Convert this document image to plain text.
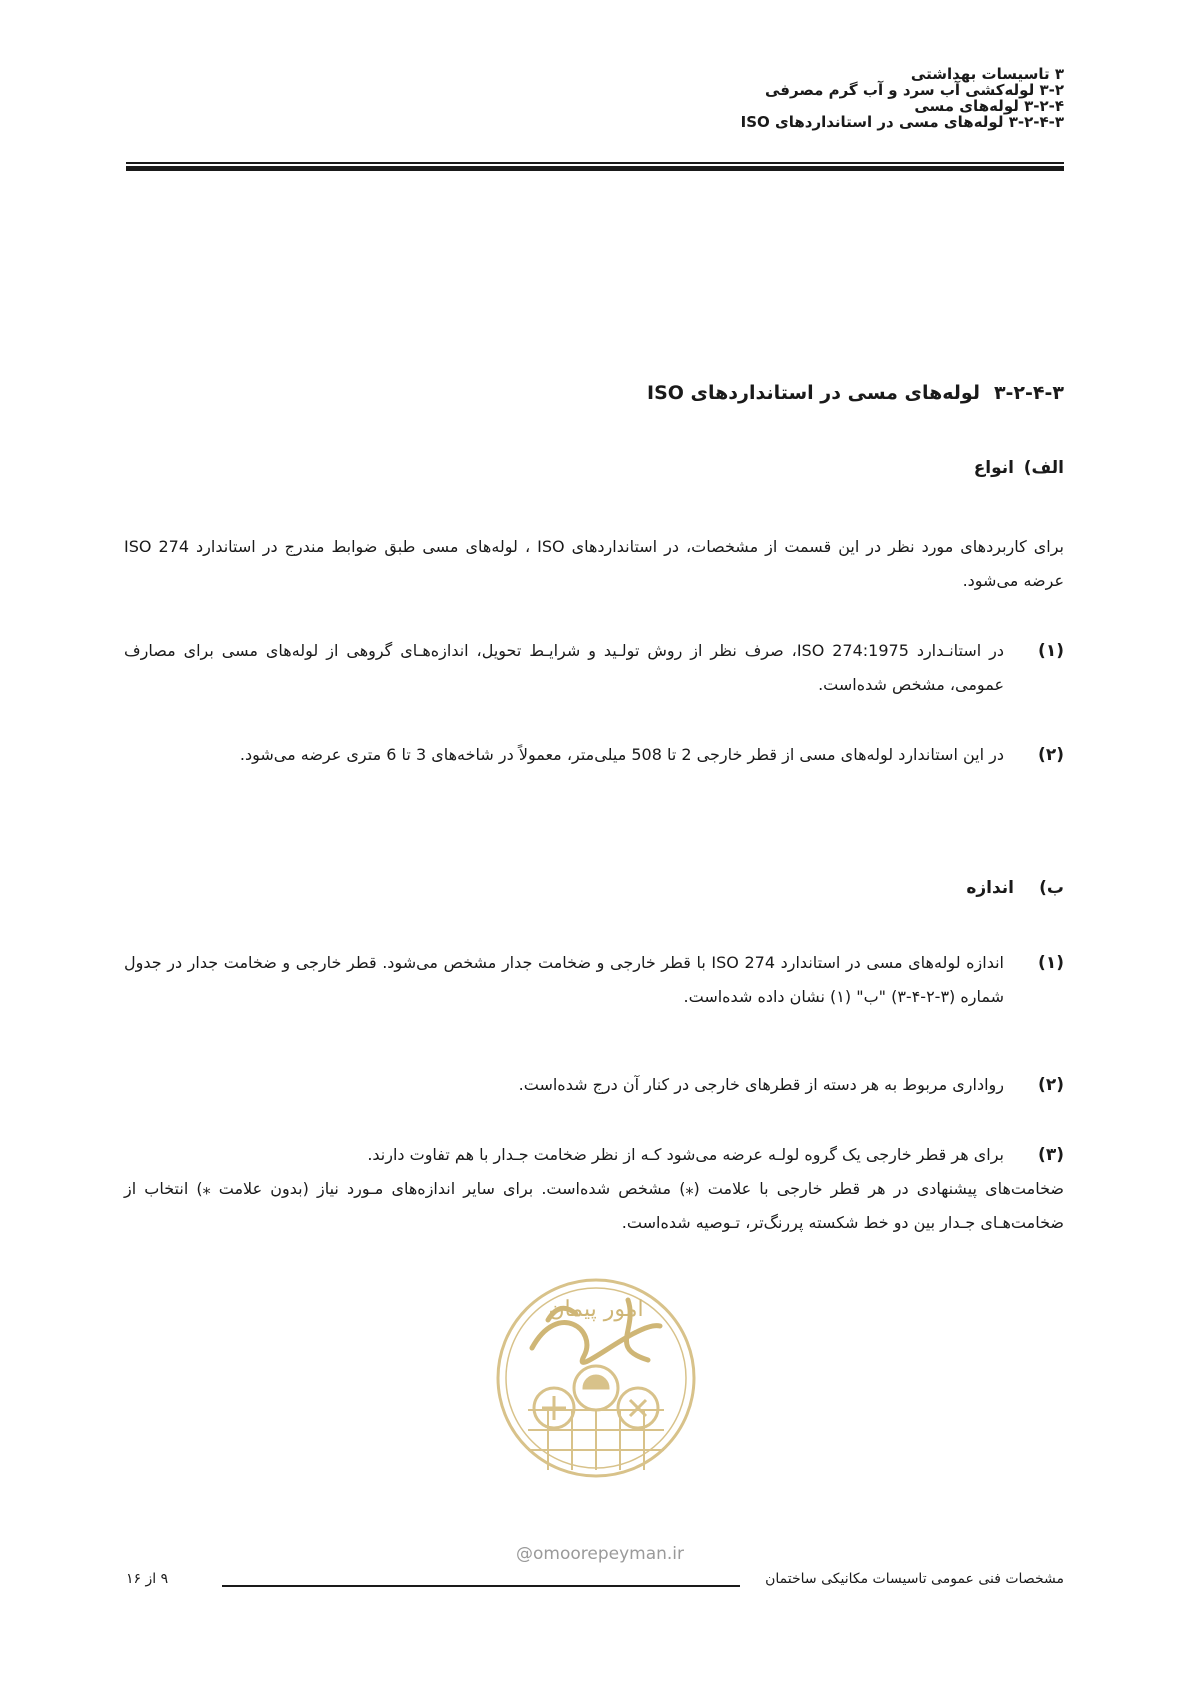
۳ تاسیسات بهداشتی
۳-۲ لوله‌کشی آب سرد و آب گرم مصرفی
۳-۲-۴ لوله‌های مسی
۳-۲-۴-۳ لوله‌های مسی در استانداردهای ISO
۳-۲-۴-۳لوله‌های مسی در استانداردهای ISO
الف)انواع
برای کاربردهای مورد نظر در این قسمت از مشخصات، در استانداردهای ISO ، لوله‌های مسی طبق ضوابط مندرج در استاندارد ISO 274 عرضه می‌شود.
(۱)
در استانـدارد ISO 274:1975، صرف نظر از روش تولـید و شرایـط تحویل، اندازه‌هـای گروهی از لوله‌های مسی برای مصارف عمومی، مشخص شده‌است.
(۲)
در این استاندارد لوله‌های مسی از قطر خارجی 2 تا 508 میلی‌متر، معمولاً در شاخه‌های 3 تا 6 متری عرضه می‌شود.
ب)اندازه
(۱)
اندازه لوله‌های مسی در استاندارد ISO 274 با قطر خارجی و ضخامت جدار مشخص می‌شود. قطر خارجی و ضخامت جدار در جدول شماره (۳-۲-۴-۳) "ب" (۱) نشان داده شده‌است.
(۲)
رواداری مربوط به هر دسته از قطرهای خارجی در کنار آن درج شده‌است.
(۳)
برای هر قطر خارجی یک گروه لولـه عرضه می‌شود کـه از نظر ضخامت جـدار با هم تفاوت دارند.
ضخامت‌های پیشنهادی در هر قطر خارجی با علامت (⁎) مشخص شده‌است. برای سایر اندازه‌های مـورد نیاز (بدون علامت ⁎) انتخاب از ضخامت‌هـای جـدار بین دو خط شکسته پررنگ‌تر، تـوصیه شده‌است.
امور پیمان
@omoorepeyman.ir
مشخصات فنی عمومی تاسیسات مکانیکی ساختمان
۹ از ۱۶
